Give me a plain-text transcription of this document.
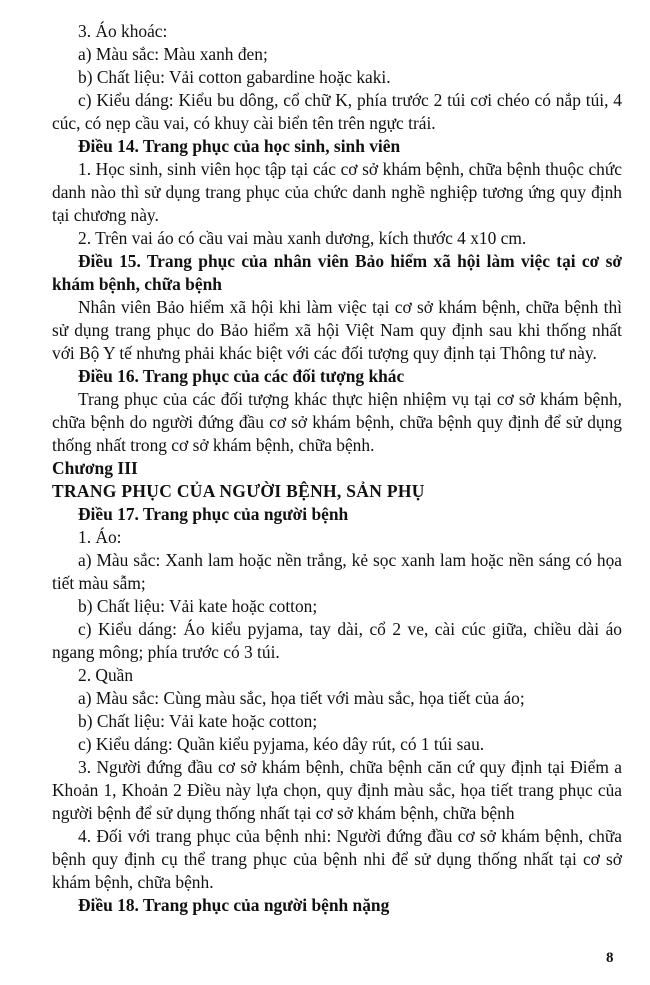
3. Áo khoác:

a) Màu sắc: Màu xanh đen;

b) Chất liệu: Vải cotton gabardine hoặc kaki.

c) Kiểu dáng: Kiểu bu dông, cổ chữ K, phía trước 2 túi cơi chéo có nắp túi, 4 cúc, có nẹp cầu vai, có khuy cài biển tên trên ngực trái.

Điều 14. Trang phục của học sinh, sinh viên

1. Học sinh, sinh viên học tập tại các cơ sở khám bệnh, chữa bệnh thuộc chức danh nào thì sử dụng trang phục của chức danh nghề nghiệp tương ứng quy định tại chương này.

2. Trên vai áo có cầu vai màu xanh dương, kích thước 4 x10 cm.

Điều 15. Trang phục của nhân viên Bảo hiểm xã hội làm việc tại cơ sở khám bệnh, chữa bệnh

Nhân viên Bảo hiểm xã hội khi làm việc tại cơ sở khám bệnh, chữa bệnh thì sử dụng trang phục do Bảo hiểm xã hội Việt Nam quy định sau khi thống nhất với Bộ Y tế nhưng phải khác biệt với các đối tượng quy định tại Thông tư này.

Điều 16. Trang phục của các đối tượng khác

Trang phục của các đối tượng khác thực hiện nhiệm vụ tại cơ sở khám bệnh, chữa bệnh do người đứng đầu cơ sở khám bệnh, chữa bệnh quy định để sử dụng thống nhất trong cơ sở khám bệnh, chữa bệnh.

Chương III

TRANG PHỤC CỦA NGƯỜI BỆNH, SẢN PHỤ

Điều 17. Trang phục của người bệnh

1. Áo:

a) Màu sắc: Xanh lam hoặc nền trắng, kẻ sọc xanh lam hoặc nền sáng có họa tiết màu sẫm;

b) Chất liệu: Vải kate hoặc cotton;

c) Kiểu dáng: Áo kiểu pyjama, tay dài, cổ 2 ve, cài cúc giữa, chiều dài áo ngang mông; phía trước có 3 túi.

2. Quần

a) Màu sắc: Cùng màu sắc, họa tiết với màu sắc, họa tiết của áo;

b) Chất liệu: Vải kate hoặc cotton;

c) Kiểu dáng: Quần kiểu pyjama, kéo dây rút, có 1 túi sau.

3. Người đứng đầu cơ sở khám bệnh, chữa bệnh căn cứ quy định tại Điểm a Khoản 1, Khoản 2 Điều này lựa chọn, quy định màu sắc, họa tiết trang phục của người bệnh để sử dụng thống nhất tại cơ sở khám bệnh, chữa bệnh

4. Đối với trang phục của bệnh nhi: Người đứng đầu cơ sở khám bệnh, chữa bệnh quy định cụ thể trang phục của bệnh nhi để sử dụng thống nhất tại cơ sở khám bệnh, chữa bệnh.

Điều 18. Trang phục của người bệnh nặng

8
